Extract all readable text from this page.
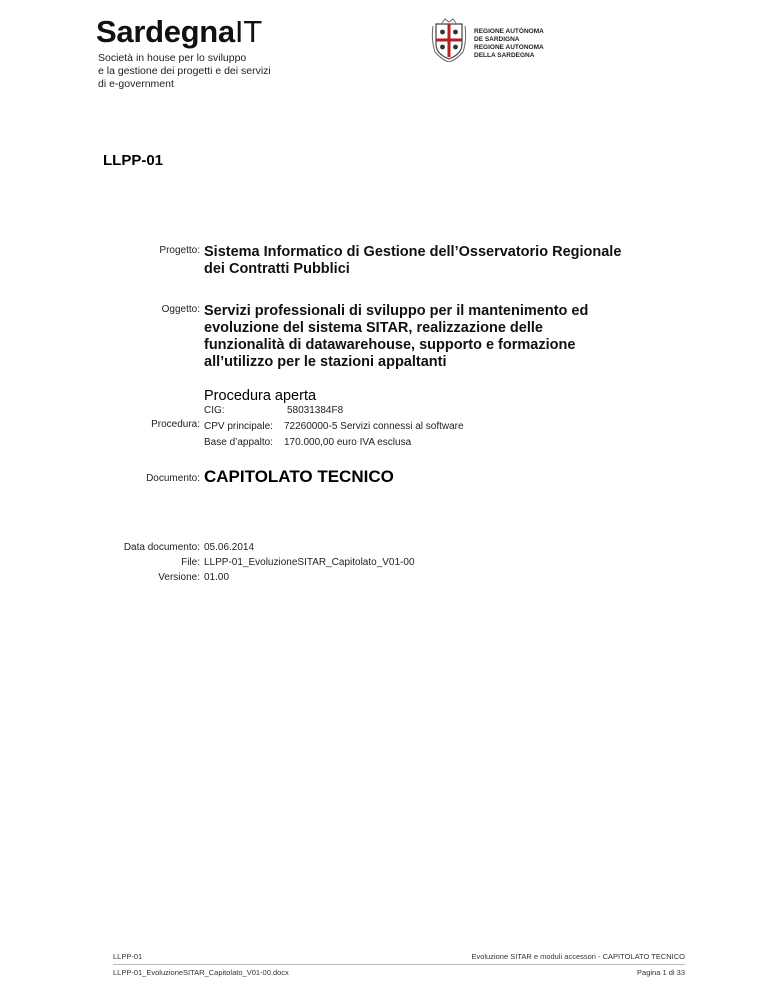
SardegnaIT
Società in house per lo sviluppo
e la gestione dei progetti e dei servizi
di e-government
REGIONE AUTÒNOMA
DE SARDIGNA
REGIONE AUTONOMA
DELLA SARDEGNA
LLPP-01
Progetto: Sistema Informatico di Gestione dell’Osservatorio Regionale
dei Contratti Pubblici
Oggetto: Servizi professionali di sviluppo per il mantenimento ed
evoluzione del sistema SITAR, realizzazione delle
funzionalità di datawarehouse, supporto e formazione
all’utilizzo per le stazioni appaltanti
Procedura aperta
Procedura:
CIG:	58031384F8
CPV principale: 72260000-5 Servizi connessi al software
Base d’appalto: 170.000,00 euro IVA esclusa
Documento: CAPITOLATO TECNICO
Data documento: 05.06.2014
File: LLPP-01_EvoluzioneSITAR_Capitolato_V01-00
Versione: 01.00
LLPP-01
LLPP-01_EvoluzioneSITAR_Capitolato_V01-00.docx
Evoluzione SITAR e moduli accessori - CAPITOLATO TECNICO
Pagina 1 di 33
